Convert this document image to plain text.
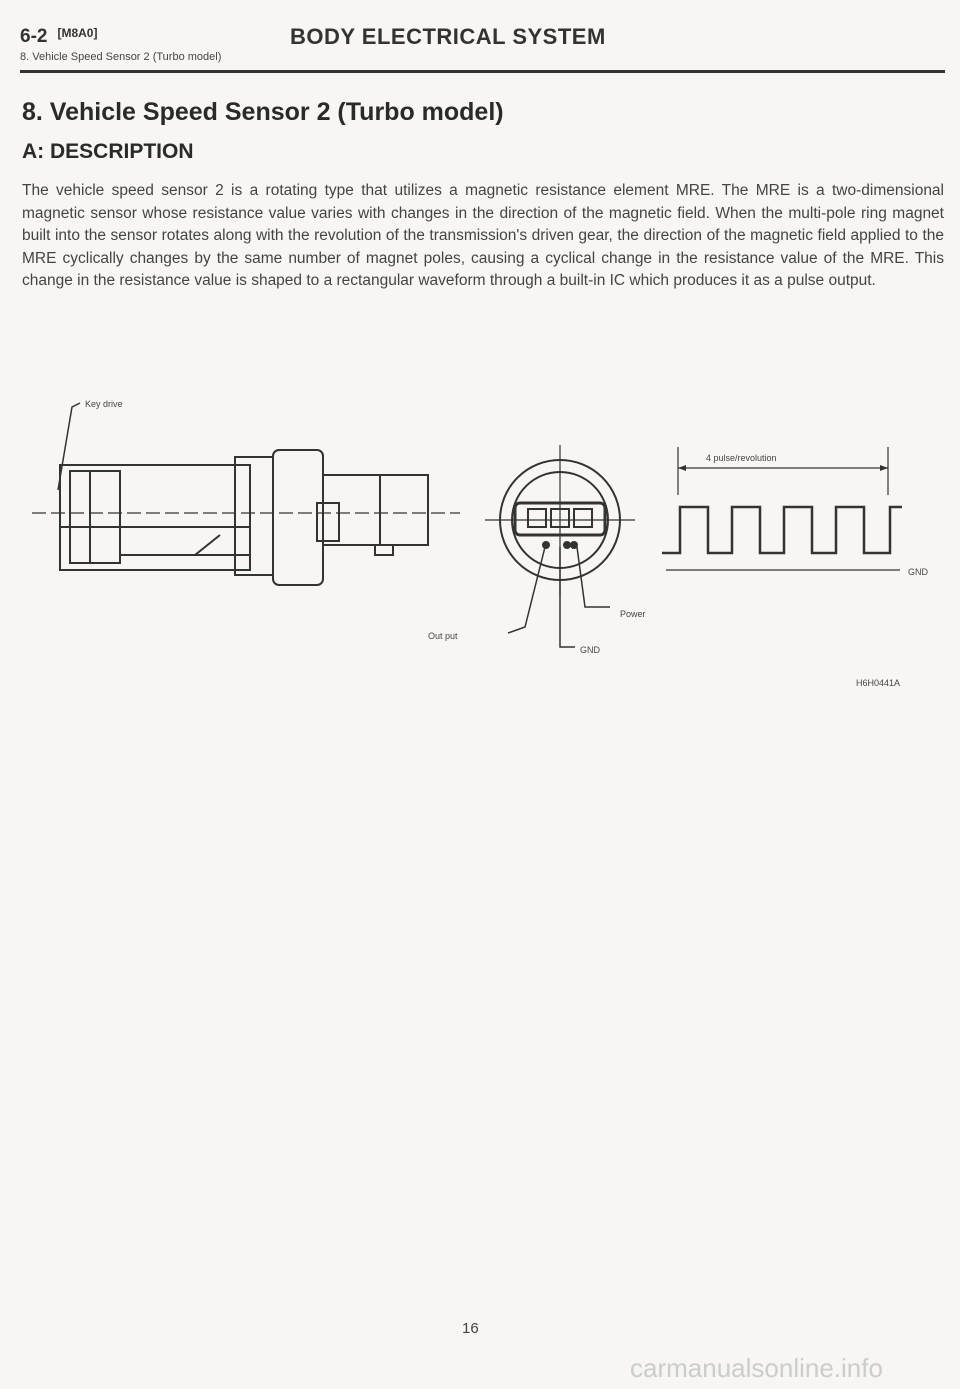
6-2 [M8A0]	BODY ELECTRICAL SYSTEM
8. Vehicle Speed Sensor 2 (Turbo model)
8. Vehicle Speed Sensor 2 (Turbo model)
A: DESCRIPTION
The vehicle speed sensor 2 is a rotating type that utilizes a magnetic resistance element MRE. The MRE is a two-dimensional magnetic sensor whose resistance value varies with changes in the direction of the magnetic field. When the multi-pole ring magnet built into the sensor rotates along with the revolution of the transmission's driven gear, the direction of the magnetic field applied to the MRE cyclically changes by the same number of magnet poles, causing a cyclical change in the resistance value of the MRE. This change in the resistance value is shaped to a rectangular waveform through a built-in IC which produces it as a pulse output.
Key drive
Power
Out put
GND
4 pulse/revolution
GND
H6H0441A
16
carmanualsonline.info
